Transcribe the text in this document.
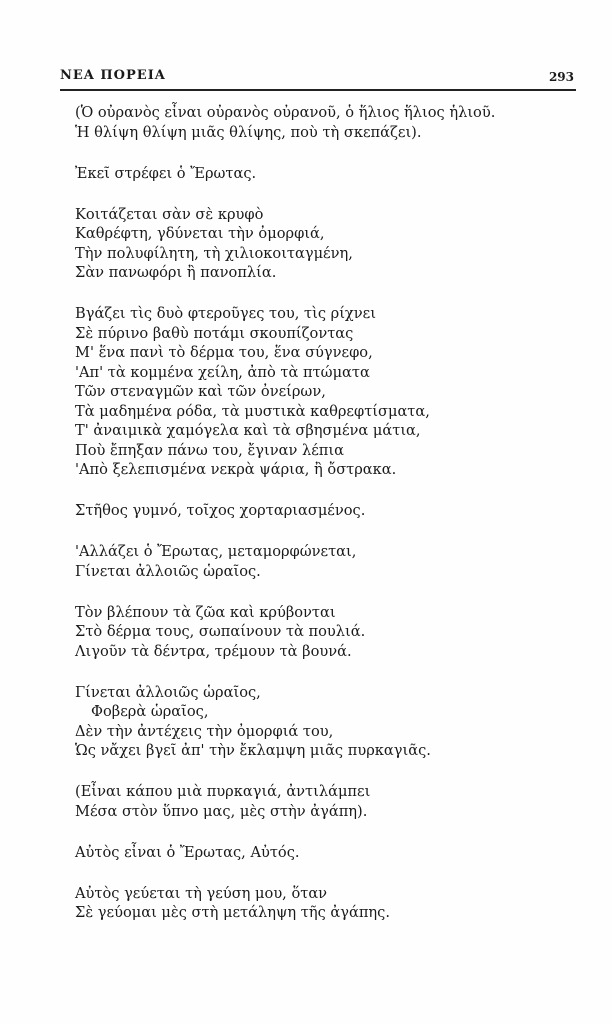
ΝΕΑ ΠΟΡΕΙΑ	293
(Ὁ οὐρανὸς εἶναι οὐρανὸς οὐρανοῦ, ὁ ἥλιος ἥλιος ἡλιοῦ.
Ἡ θλίψη θλίψη μιᾶς θλίψης, ποὺ τὴ σκεπάζει).
Ἐκεῖ στρέφει ὁ Ἔρωτας.
Κοιτάζεται σὰν σὲ κρυφὸ
Καθρέφτη, γδύνεται τὴν ὀμορφιά,
Τὴν πολυφίλητη, τὴ χιλιοκοιταγμένη,
Σὰν πανωφόρι ἢ πανοπλία.
Βγάζει τὶς δυὸ φτεροῦγες του, τὶς ρίχνει
Σὲ πύρινο βαθὺ ποτάμι σκουπίζοντας
Μ' ἕνα πανὶ τὸ δέρμα του, ἕνα σύγνεφο,
'Απ' τὰ κομμένα χείλη, ἀπὸ τὰ πτώματα
Τῶν στεναγμῶν καὶ τῶν ὀνείρων,
Τὰ μαδημένα ρόδα, τὰ μυστικὰ καθρεφτίσματα,
Τ' ἀναιμικὰ χαμόγελα καὶ τὰ σβησμένα μάτια,
Ποὺ ἔπηξαν πάνω του, ἔγιναν λέπια
'Απὸ ξελεπισμένα νεκρὰ ψάρια, ἢ ὄστρακα.
Στῆθος γυμνό, τοῖχος χορταριασμένος.
'Αλλάζει ὁ Ἔρωτας, μεταμορφώνεται,
Γίνεται ἀλλοιῶς ὡραῖος.
Τὸν βλέπουν τὰ ζῶα καὶ κρύβονται
Στὸ δέρμα τους, σωπαίνουν τὰ πουλιά.
Λιγοῦν τὰ δέντρα, τρέμουν τὰ βουνά.
Γίνεται ἀλλοιῶς ὡραῖος,
Φοβερὰ ὡραῖος,
Δὲν τὴν ἀντέχεις τὴν ὀμορφιά του,
Ὡς νἄχει βγεῖ ἀπ' τὴν ἔκλαμψη μιᾶς πυρκαγιᾶς.
(Εἶναι κάπου μιὰ πυρκαγιά, ἀντιλάμπει
Μέσα στὸν ὕπνο μας, μὲς στὴν ἀγάπη).
Αὐτὸς εἶναι ὁ Ἔρωτας, Αὐτός.
Αὐτὸς γεύεται τὴ γεύση μου, ὅταν
Σὲ γεύομαι μὲς στὴ μετάληψη τῆς ἀγάπης.
